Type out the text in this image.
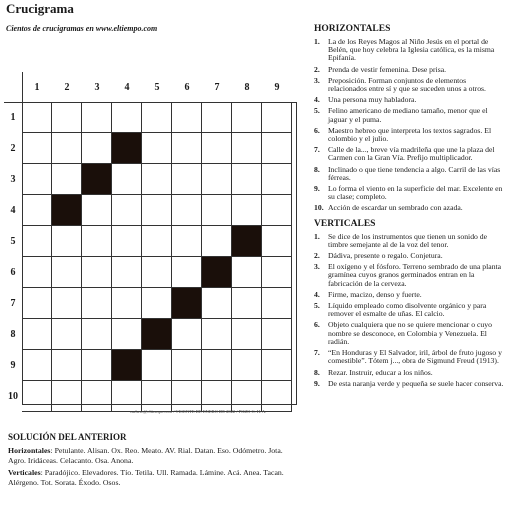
Crucigrama
Cientos de crucigramas en www.eltiempo.com
1	2	3	4	5	6	7	8	9
1
2
3
4
5
6
7
8
9
10
carhere@eltiempo.com / VICENTE DE ENERO DE 2022 / POZO C. H. A.
SOLUCIÓN DEL ANTERIOR
Horizontales: Petulante. Alisan. Ox. Reo. Meato. AV. Rial. Datan. Eso. Odómetro. Jota. Agro. Iridáceas. Celacanto. Osa. Anona.
Verticales: Paradójico. Elevadores. Tío. Tetila. Ull. Ramada. Lámine. Acá. Anea. Tacan. Alérgeno. Tot. Sorata. Éxodo. Osos.
HORIZONTALES
1.	La de los Reyes Magos al Niño Jesús en el portal de Belén, que hoy celebra la Iglesia católica, es la misma Epifanía.
2.	Prenda de vestir femenina. Dese prisa.
3.	Preposición. Forman conjuntos de elementos relacionados entre sí y que se suceden unos a otros.
4.	Una persona muy habladora.
5.	Felino americano de mediano tamaño, menor que el jaguar y el puma.
6.	Maestro hebreo que interpreta los textos sagrados. El colombio y el julio.
7.	Calle de la..., breve vía madrileña que une la plaza del Carmen con la Gran Vía. Prefijo multiplicador.
8.	Inclinado o que tiene tendencia a algo. Carril de las vías férreas.
9.	Lo forma el viento en la superficie del mar. Excelente en su clase; completo.
10. Acción de escardar un sembrado con azada.
VERTICALES
1.	Se dice de los instrumentos que tienen un sonido de timbre semejante al de la voz del tenor.
2.	Dádiva, presente o regalo. Conjetura.
3.	El oxígeno y el fósforo. Terreno sembrado de una planta gramínea cuyos granos germinados entran en la fabricación de la cerveza.
4.	Firme, macizo, denso y fuerte.
5.	Líquido empleado como disolvente orgánico y para remover el esmalte de uñas. El calcio.
6.	Objeto cualquiera que no se quiere mencionar o cuyo nombre se desconoce, en Colombia y Venezuela. El radián.
7.	“En Honduras y El Salvador, iril, árbol de fruto jugoso y comestible”. Tótem j..., obra de Sigmund Freud (1913).
8.	Rezar. Instruir, educar a los niños.
9.	De esta naranja verde y pequeña se suele hacer conserva.
